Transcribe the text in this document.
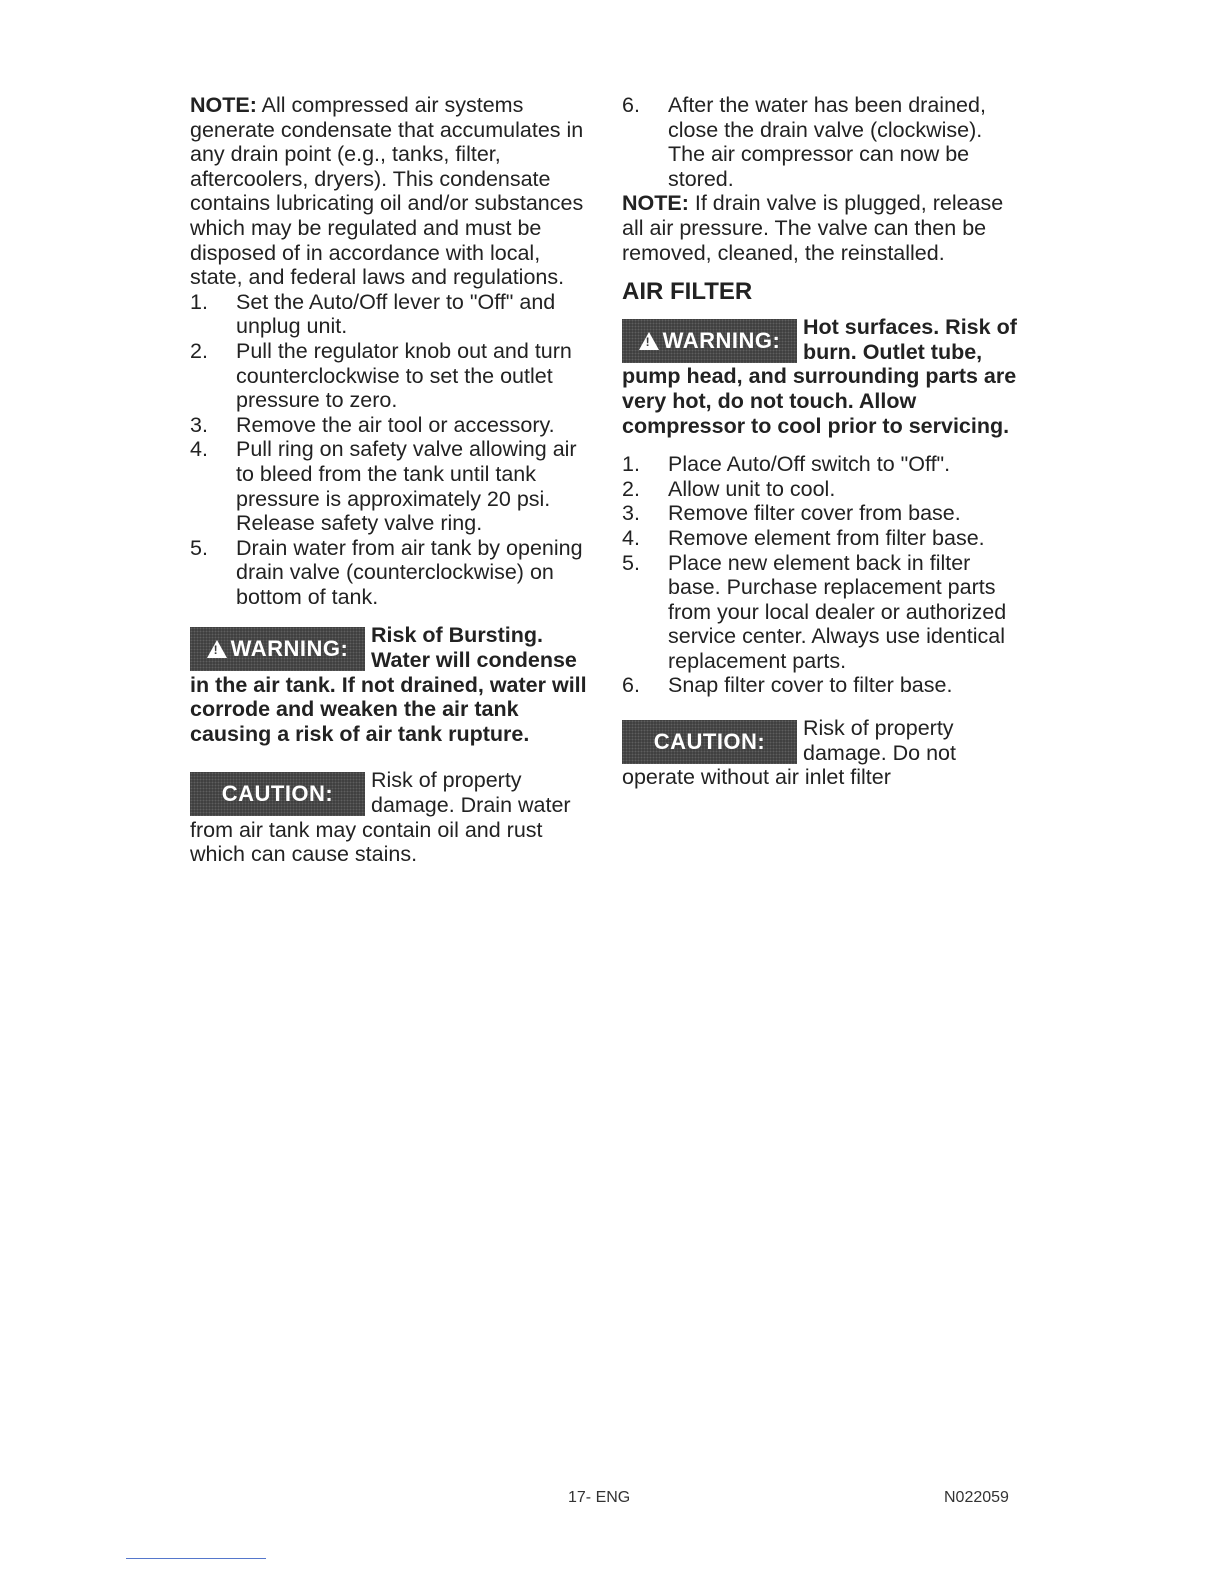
NOTE: All compressed air systems generate condensate that accumulates in any drain point (e.g., tanks, filter, aftercoolers, dryers). This condensate contains lubricating oil and/or substances which may be regulated and must be disposed of in accordance with local, state, and federal laws and regulations.

1.	Set the Auto/Off lever to "Off" and unplug unit.
2.	Pull the regulator knob out and turn counterclockwise to set the outlet pressure to zero.
3.	Remove the air tool or accessory.
4.	Pull ring on safety valve allowing air to bleed from the tank until tank pressure is approximately 20 psi. Release safety valve ring.
5.	Drain water from air tank by opening drain valve (counterclockwise) on bottom of tank.
!
WARNING:

Risk of Bursting. Water will condense in the air tank. If not drained, water will corrode and weaken the air tank causing a risk of air tank rupture.

CAUTION:

Risk of property damage. Drain water from air tank may contain oil and rust which can cause stains.

6.	After the water has been drained, close the drain valve (clockwise). The air compressor can now be stored.

NOTE: If drain valve is plugged, release all air pressure. The valve can then be removed, cleaned, the reinstalled.

AIR FILTER
!
WARNING:

Hot surfaces. Risk of burn. Outlet tube, pump head, and surrounding parts are very hot, do not touch. Allow compressor to cool prior to servicing.

1.	Place Auto/Off switch to "Off".
2.	Allow unit to cool.
3.	Remove filter cover from base.
4.	Remove element from filter base.
5.	Place new element back in filter base. Purchase replacement parts from your local dealer or authorized service center. Always use identical replacement parts.
6.	Snap filter cover to filter base.
CAUTION:

Risk of property damage. Do not operate without air inlet filter

17- ENG	N022059
